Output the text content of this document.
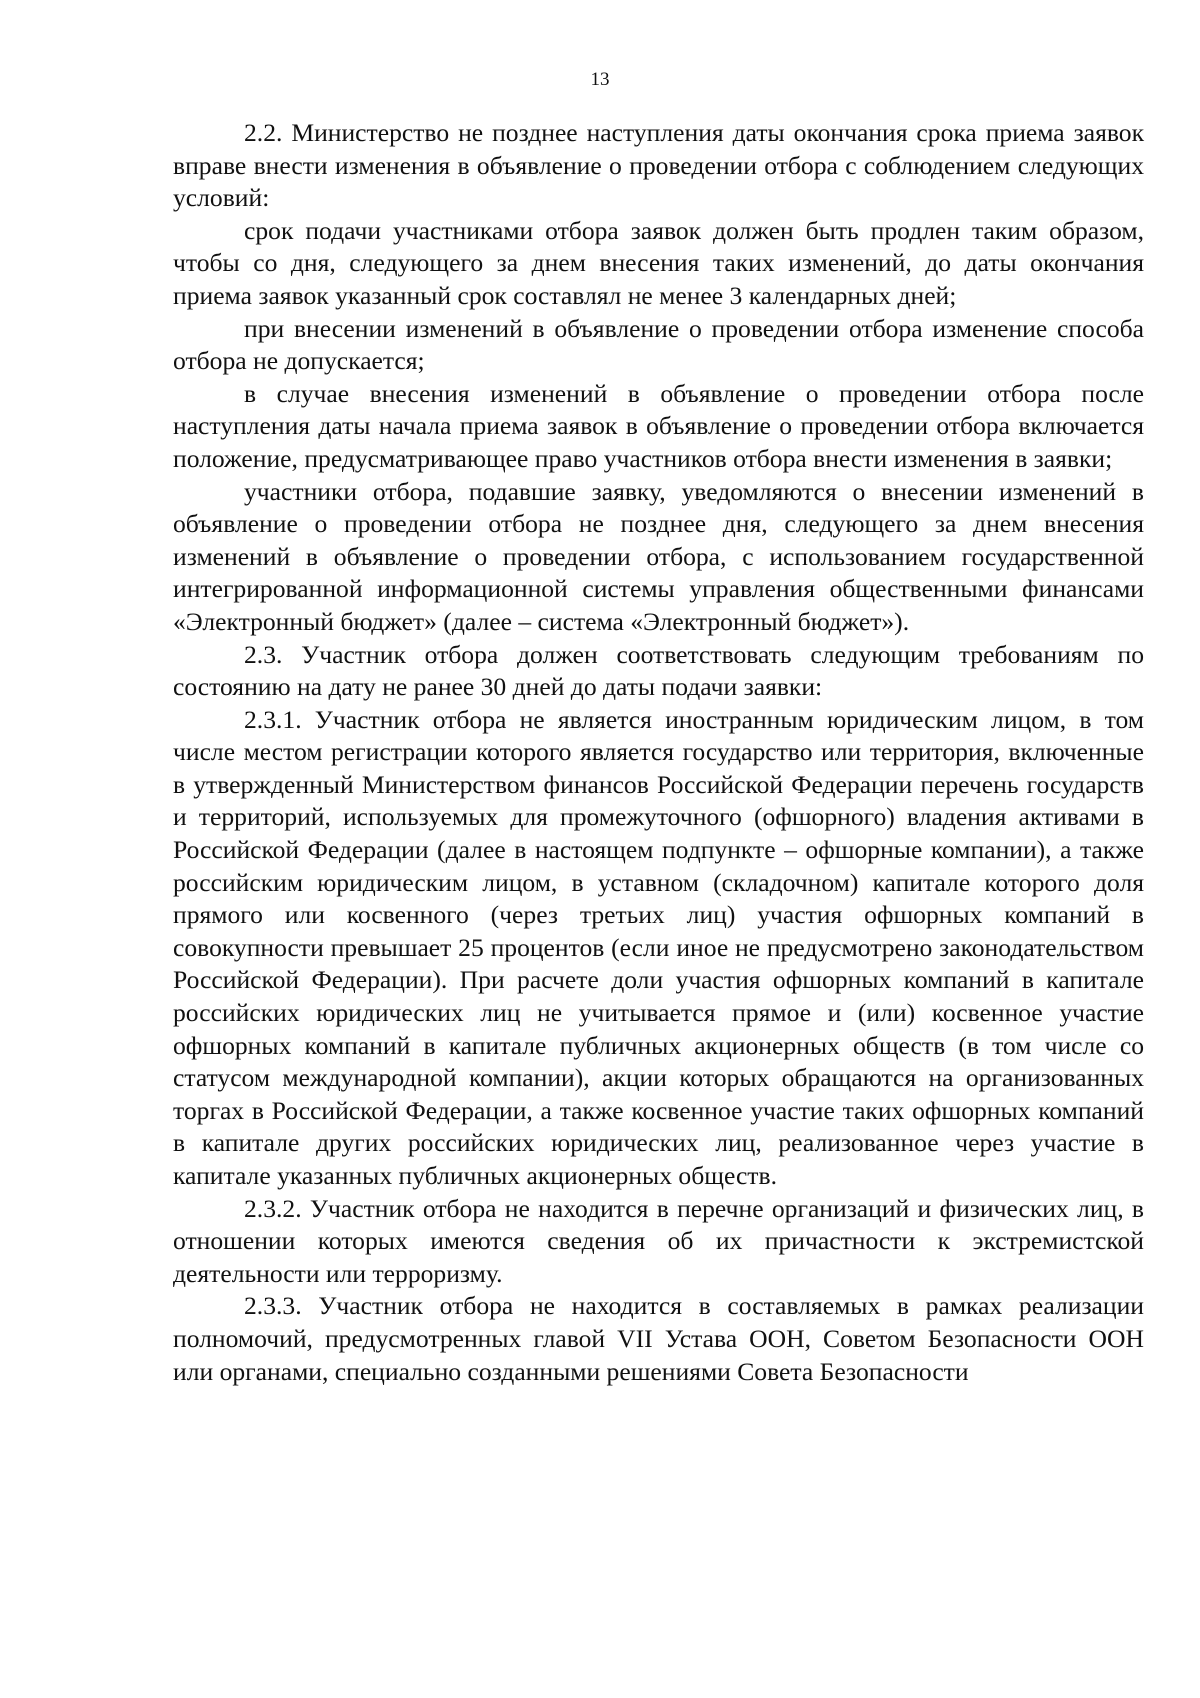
13

2.2. Министерство не позднее наступления даты окончания срока приема заявок вправе внести изменения в объявление о проведении отбора с соблюдением следующих условий:

срок подачи участниками отбора заявок должен быть продлен таким образом, чтобы со дня, следующего за днем внесения таких изменений, до даты окончания приема заявок указанный срок составлял не менее 3 календарных дней;

при внесении изменений в объявление о проведении отбора изменение способа отбора не допускается;

в случае внесения изменений в объявление о проведении отбора после наступления даты начала приема заявок в объявление о проведении отбора включается положение, предусматривающее право участников отбора внести изменения в заявки;

участники отбора, подавшие заявку, уведомляются о внесении изменений в объявление о проведении отбора не позднее дня, следующего за днем внесения изменений в объявление о проведении отбора, с использованием государственной интегрированной информационной системы управления общественными финансами «Электронный бюджет» (далее – система «Электронный бюджет»).

2.3. Участник отбора должен соответствовать следующим требованиям по состоянию на дату не ранее 30 дней до даты подачи заявки:

2.3.1. Участник отбора не является иностранным юридическим лицом, в том числе местом регистрации которого является государство или территория, включенные в утвержденный Министерством финансов Российской Федерации перечень государств и территорий, используемых для промежуточного (офшорного) владения активами в Российской Федерации (далее в настоящем подпункте – офшорные компании), а также российским юридическим лицом, в уставном (складочном) капитале которого доля прямого или косвенного (через третьих лиц) участия офшорных компаний в совокупности превышает 25 процентов (если иное не предусмотрено законодательством Российской Федерации). При расчете доли участия офшорных компаний в капитале российских юридических лиц не учитывается прямое и (или) косвенное участие офшорных компаний в капитале публичных акционерных обществ (в том числе со статусом международной компании), акции которых обращаются на организованных торгах в Российской Федерации, а также косвенное участие таких офшорных компаний в капитале других российских юридических лиц, реализованное через участие в капитале указанных публичных акционерных обществ.

2.3.2. Участник отбора не находится в перечне организаций и физических лиц, в отношении которых имеются сведения об их причастности к экстремистской деятельности или терроризму.

2.3.3. Участник отбора не находится в составляемых в рамках реализации полномочий, предусмотренных главой VII Устава ООН, Советом Безопасности ООН или органами, специально созданными решениями Совета Безопасности
